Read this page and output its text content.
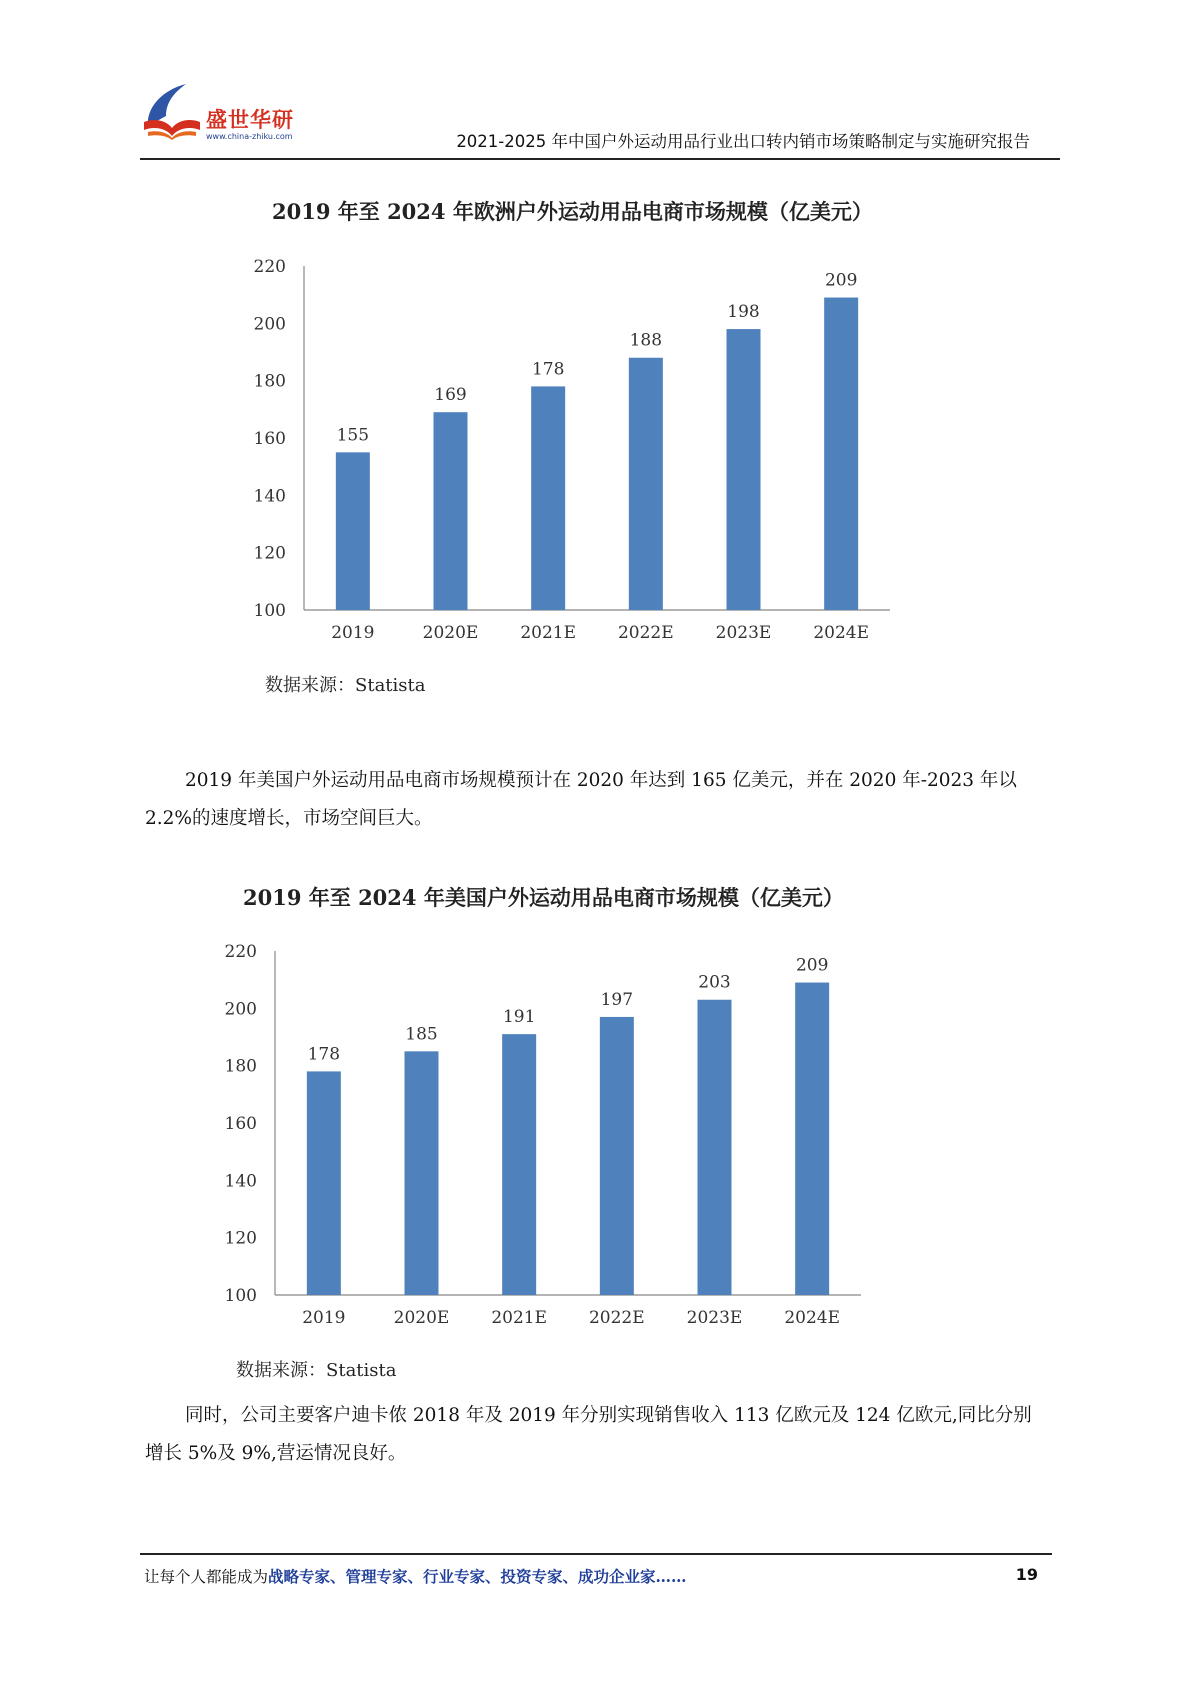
盛世华研
www.china-zhiku.com	2021-2025 年中国户外运动用品行业出口转内销市场策略制定与实施研究报告
2019 年至 2024 年欧洲户外运动用品电商市场规模（亿美元）
100
120
140
160
180
200
220
155
2019
169
2020E
178
2021E
188
2022E
198
2023E
209
2024E
数据来源：Statista
2019 年美国户外运动用品电商市场规模预计在 2020 年达到 165 亿美元，并在 2020 年-2023 年以 2.2%的速度增长，市场空间巨大。
2019 年至 2024 年美国户外运动用品电商市场规模（亿美元）
100
120
140
160
180
200
220
178
2019
185
2020E
191
2021E
197
2022E
203
2023E
209
2024E
数据来源：Statista
同时，公司主要客户迪卡侬 2018 年及 2019 年分别实现销售收入 113 亿欧元及 124 亿欧元,同比分别增长 5%及 9%,营运情况良好。
让每个人都能成为战略专家、管理专家、行业专家、投资专家、成功企业家……	19
